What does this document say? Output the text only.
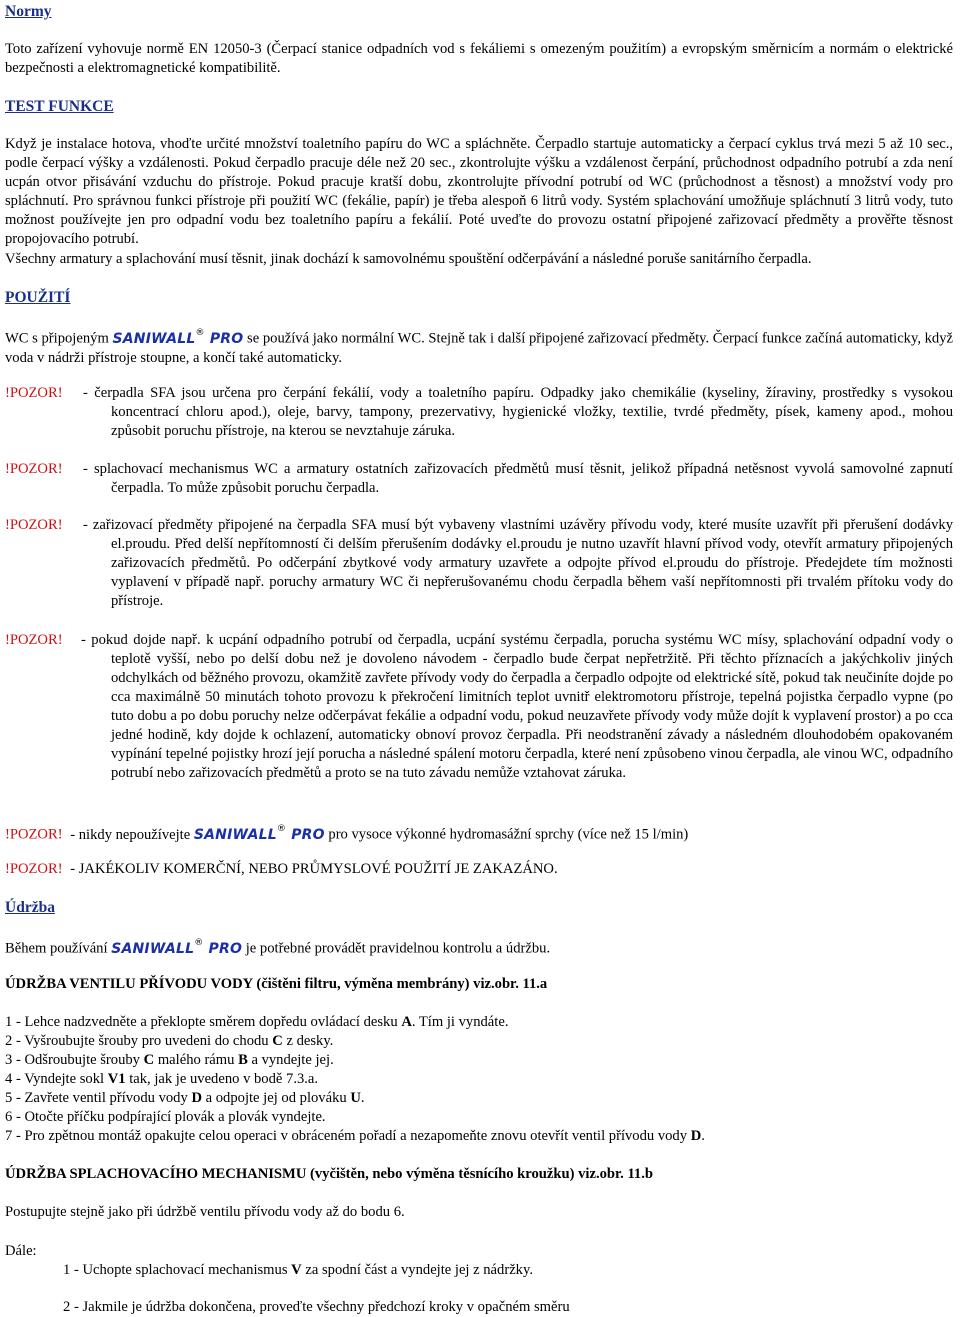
Normy

Toto zařízení vyhovuje normě EN 12050-3 (Čerpací stanice odpadních vod s fekáliemi s omezeným použitím) a evropským směrnicím a normám o elektrické bezpečnosti a elektromagnetické kompatibilitě.

TEST FUNKCE

Když je instalace hotova, vhoďte určité množství toaletního papíru do WC a spláchněte. Čerpadlo startuje automaticky a čerpací cyklus trvá mezi 5 až 10 sec., podle čerpací výšky a vzdálenosti. Pokud čerpadlo pracuje déle než 20 sec., zkontrolujte výšku a vzdálenost čerpání, průchodnost odpadního potrubí a zda není ucpán otvor přisávání vzduchu do přístroje. Pokud pracuje kratší dobu, zkontrolujte přívodní potrubí od WC (průchodnost a těsnost) a množství vody pro spláchnutí. Pro správnou funkci přístroje při použití WC (fekálie, papír) je třeba alespoň 6 litrů vody. Systém splachování umožňuje spláchnutí 3 litrů vody, tuto možnost používejte jen pro odpadní vodu bez toaletního papíru a fekálií. Poté uveďte do provozu ostatní připojené zařizovací předměty a prověřte těsnost propojovacího potrubí.

Všechny armatury a splachování musí těsnit, jinak dochází k samovolnému spouštění odčerpávání a následné poruše sanitárního čerpadla.

POUŽITÍ

WC s připojeným SANIWALL® PRO se používá jako normální WC. Stejně tak i další připojené zařizovací předměty. Čerpací funkce začíná automaticky, když voda v nádrži přístroje stoupne, a končí také automaticky.

!POZOR!	- čerpadla SFA jsou určena pro čerpání fekálií, vody a toaletního papíru. Odpadky jako chemikálie (kyseliny, žíraviny, prostředky s vysokou koncentrací chloru apod.), oleje, barvy, tampony, prezervativy, hygienické vložky, textilie, tvrdé předměty, písek, kameny apod., mohou způsobit poruchu přístroje, na kterou se nevztahuje záruka.

!POZOR!	- splachovací mechanismus WC a armatury ostatních zařizovacích předmětů musí těsnit, jelikož případná netěsnost vyvolá samovolné zapnutí čerpadla. To může způsobit poruchu čerpadla.

!POZOR!	- zařizovací předměty připojené na čerpadla SFA musí být vybaveny vlastními uzávěry přívodu vody, které musíte uzavřít při přerušení dodávky el.proudu. Před delší nepřítomností či delším přerušením dodávky el.proudu je nutno uzavřít hlavní přívod vody, otevřít armatury připojených zařizovacích předmětů. Po odčerpání zbytkové vody armatury uzavřete a odpojte přívod el.proudu do přístroje. Předejdete tím možnosti vyplavení v případě např. poruchy armatury WC či nepřerušovanému chodu čerpadla během vaší nepřítomnosti při trvalém přítoku vody do přístroje.

!POZOR!	- pokud dojde např. k ucpání odpadního potrubí od čerpadla, ucpání systému čerpadla, porucha systému WC mísy, splachování odpadní vody o teplotě vyšší, nebo po delší dobu než je dovoleno návodem - čerpadlo bude čerpat nepřetržitě. Při těchto příznacích a jakýchkoliv jiných odchylkách od běžného provozu, okamžitě zavřete přívody vody do čerpadla a čerpadlo odpojte od elektrické sítě, pokud tak neučiníte dojde po cca maximálně 50 minutách tohoto provozu k překročení limitních teplot uvnitř elektromotoru přístroje, tepelná pojistka čerpadlo vypne (po tuto dobu a po dobu poruchy nelze odčerpávat fekálie a odpadní vodu, pokud neuzavřete přívody vody může dojít k vyplavení prostor) a po cca jedné hodině, kdy dojde k ochlazení, automaticky obnoví provoz čerpadla. Při neodstranění závady a následném dlouhodobém opakovaném vypínání tepelné pojistky hrozí její porucha a následné spálení motoru čerpadla, které není způsobeno vinou čerpadla, ale vinou WC, odpadního potrubí nebo zařizovacích předmětů a proto se na tuto závadu nemůže vztahovat záruka.

!POZOR! - nikdy nepoužívejte SANIWALL® PRO pro vysoce výkonné hydromasážní sprchy (více než 15 l/min)

!POZOR! - JAKÉKOLIV KOMERČNÍ, NEBO PRŮMYSLOVÉ POUŽITÍ JE ZAKAZÁNO.

Údržba

Během používání SANIWALL® PRO je potřebné provádět pravidelnou kontrolu a údržbu.

ÚDRŽBA VENTILU PŘÍVODU VODY (čištěni filtru, výměna membrány) viz.obr. 11.a

1 - Lehce nadzvedněte a překlopte směrem dopředu ovládací desku A. Tím ji vyndáte.

2 - Vyšroubujte šrouby pro uvedeni do chodu C z desky.

3 - Odšroubujte šrouby C malého rámu B a vyndejte jej.

4 - Vyndejte sokl V1 tak, jak je uvedeno v bodě 7.3.a.

5 - Zavřete ventil přívodu vody D a odpojte jej od plováku U.

6 - Otočte příčku podpírající plovák a plovák vyndejte.

7 - Pro zpětnou montáž opakujte celou operaci v obráceném pořadí a nezapomeňte znovu otevřít ventil přívodu vody D.

ÚDRŽBA SPLACHOVACÍHO MECHANISMU (vyčištěn, nebo výměna těsnícího kroužku) viz.obr. 11.b

Postupujte stejně jako při údržbě ventilu přívodu vody až do bodu 6.

Dále:

1 - Uchopte splachovací mechanismus V za spodní část a vyndejte jej z nádržky.

2 - Jakmile je údržba dokončena, proveďte všechny předchozí kroky v opačném směru
